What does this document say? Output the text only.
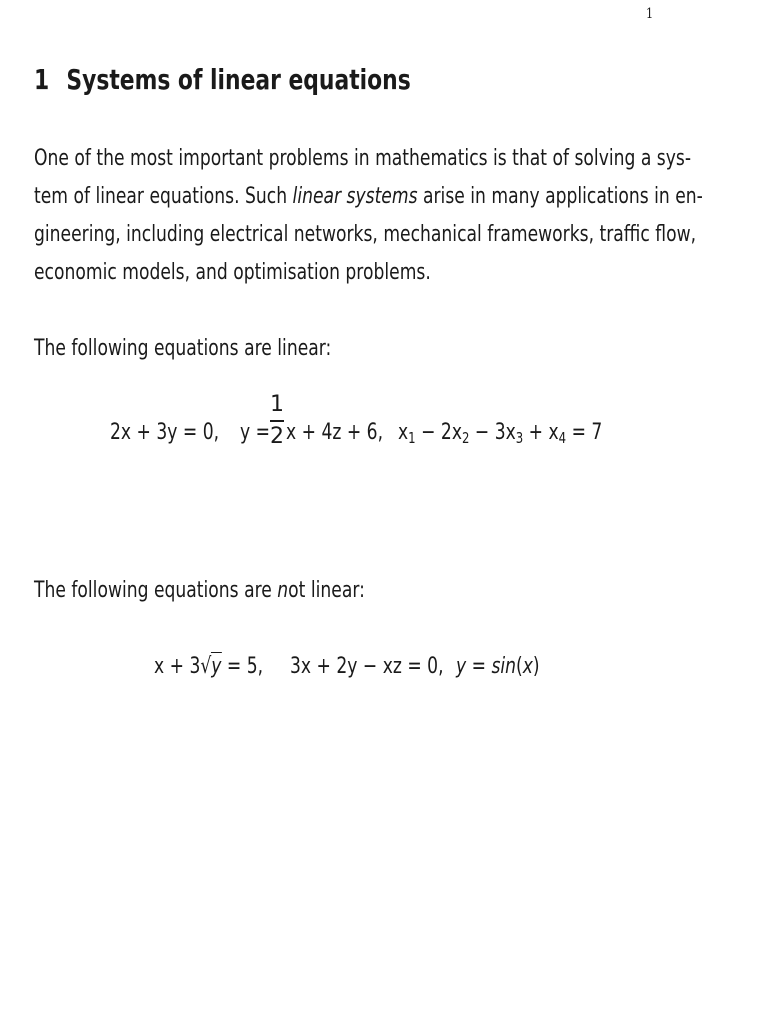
1
1 Systems of linear equations
One of the most important problems in mathematics is that of solving a sys-
tem of linear equations. Such linear systems arise in many applications in en-
gineering, including electrical networks, mechanical frameworks, traffic flow,
economic models, and optimisation problems.
The following equations are linear:
2x + 3y = 0, y =
1
2 x + 4z + 6, $x_1 - 2x_2 - 3x_3 + x_4 = 7$
The following equations are not linear:
x + 3√y = 5,	3x + 2y − xz = 0, y = sin(x)
